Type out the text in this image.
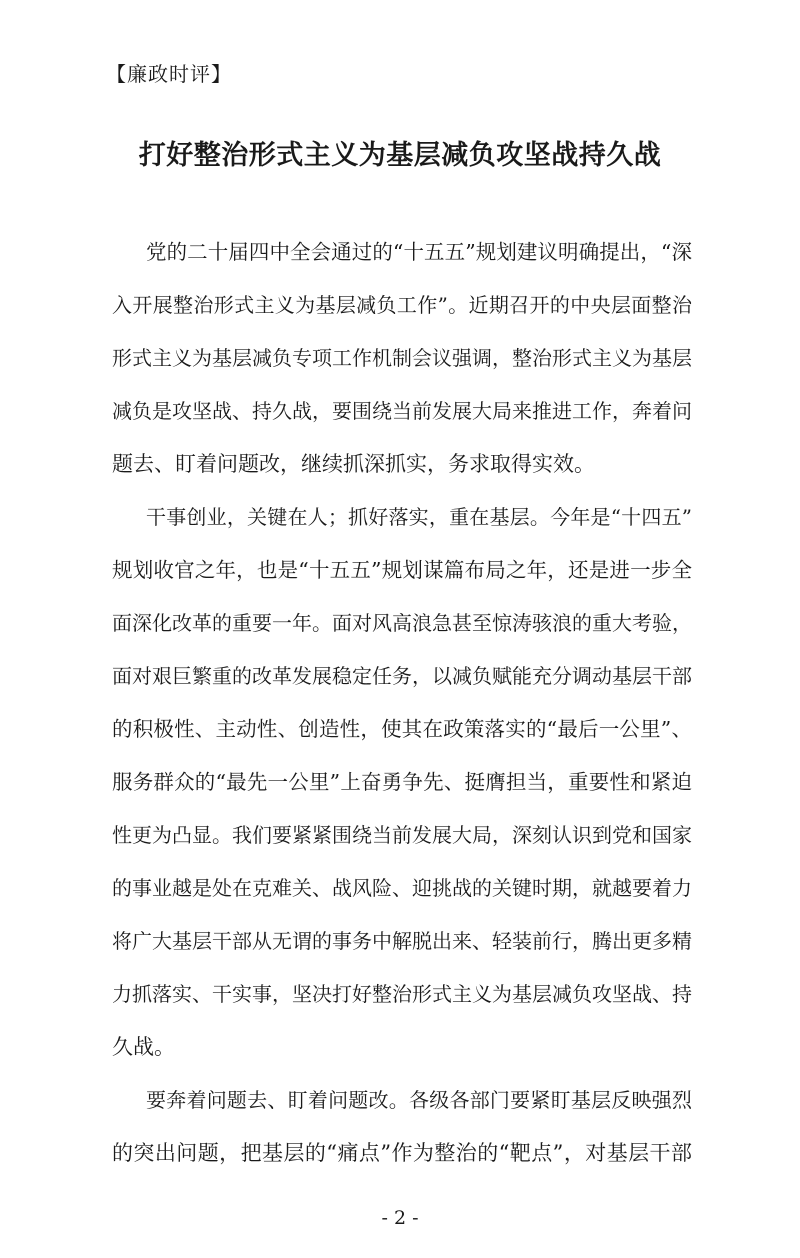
【廉政时评】
打好整治形式主义为基层减负攻坚战持久战
党的二十届四中全会通过的“十五五”规划建议明确提出，“深
入开展整治形式主义为基层减负工作”。近期召开的中央层面整治
形式主义为基层减负专项工作机制会议强调，整治形式主义为基层
减负是攻坚战、持久战，要围绕当前发展大局来推进工作，奔着问
题去、盯着问题改，继续抓深抓实，务求取得实效。
干事创业，关键在人；抓好落实，重在基层。今年是“十四五”
规划收官之年，也是“十五五”规划谋篇布局之年，还是进一步全
面深化改革的重要一年。面对风高浪急甚至惊涛骇浪的重大考验，
面对艰巨繁重的改革发展稳定任务，以减负赋能充分调动基层干部
的积极性、主动性、创造性，使其在政策落实的“最后一公里”、
服务群众的“最先一公里”上奋勇争先、挺膺担当，重要性和紧迫
性更为凸显。我们要紧紧围绕当前发展大局，深刻认识到党和国家
的事业越是处在克难关、战风险、迎挑战的关键时期，就越要着力
将广大基层干部从无谓的事务中解脱出来、轻装前行，腾出更多精
力抓落实、干实事，坚决打好整治形式主义为基层减负攻坚战、持
久战。
要奔着问题去、盯着问题改。各级各部门要紧盯基层反映强烈
的突出问题，把基层的“痛点”作为整治的“靶点”，对基层干部
- 2 -
